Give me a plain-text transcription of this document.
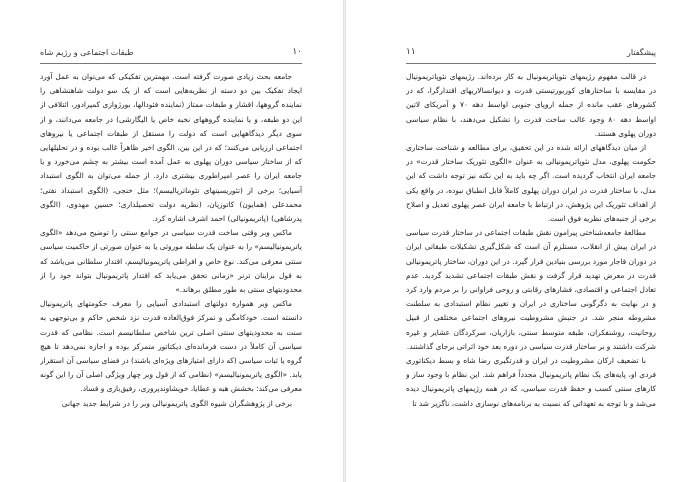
طبقات اجتماعی و رژیم شاه	۱۰

جامعه بحث زیادی صورت گرفته است. مهمترین تفکیکی که می‌توان به عمل آورد ایجاد تفکیک بین دو دسته از نظریه‌هایی است که از یک سو دولت شاهنشاهی را نماینده گروهها، اقشار و طبقات ممتاز (نماینده فئودالها، بورژوازی کمپرادور، ائتلافی از این دو طبقه، و یا نماینده گروههای نخبه خاص یا الیگارشی) در جامعه می‌دانند، و از سوی دیگر دیدگاههایی است که دولت را مستقل از طبقات اجتماعی یا نیروهای اجتماعی ارزیابی می‌کنند؛ که در این بین، الگوی اخیر ظاهراً غالب بوده و در تحلیلهایی که از ساختار سیاسی دوران پهلوی به عمل آمده است بیشتر به چشم می‌خورد و یا جامعه ایران را عصر امپراطوری بیشتری دارد. از جمله می‌توان به الگوی استبداد آسیایی؛ برخی از (تئوریسینهای تئوماتریالیسم)؛ مثل خنجی، (الگوی استبداد نفتی؛ محمدعلی (همایون) کاتوزیان، (نظریه دولت تحصیلداری؛ حسین مهدوی، (الگوی پدرشاهی) (پاتریمونیالی) احمد اشرف اشاره کرد.

ماکس وبر وقتی ساخت قدرت سیاسی در جوامع سنتی را توضیح می‌دهد «الگوی پاتریمونیالیسم» را به عنوان یک سلطه موروثی یا به عنوان صورتی از حاکمیت سیاسی سنتی معرفی می‌کند. نوع خاص و افراطی پاتریمونیالیسم، اقتدار سلطانی می‌باشد که به قول براینان ترنر «زمانی تحقق می‌یابد که اقتدار پاتریمونیال بتواند خود را از محدودیتهای سنتی به طور مطلق برهاند.»

ماکس وبر همواره دولتهای استبدادی آسیایی را معرف حکومتهای پاتریمونیال دانسته است. خودکامگی و تمرکز فوق‌العاده قدرت نزد شخص حاکم و بی‌توجهی به سنت به محدودیتهای سنتی اصلی ترین شاخص سلطانیسم است. نظامی که قدرت سیاسی آن کاملاً در دست فرمانده‌ای دیکتاتور متمرکز بوده و اجازه نمی‌دهد تا هیچ گروه یا ثبات سیاسی (که دارای امتیازهای ویژه‌ای باشند) در فضای سیاسی آن استقرار یابد. «الگوی پاتریمونیالیسم» (نظامی که از قول وبر چهار ویژگی اصلی آن را این گونه معرفی می‌کند: بخشش هبه و عطایا، خویشاوندپروری، رفیق‌بازی و فساد.

برخی از پژوهشگران شیوه الگوی پاتریمونیالی وبر را در شرایط جدید جهانی

پیشگفتار
۱۱

در قالب مفهوم رژیمهای نئوپاتریمونیال به کار برده‌اند. رژیمهای نئوپاتریمونیال در مقایسه با ساختارهای کوربورتیستی قدرت و دیوانسالاریهای اقتدارگرا، که در کشورهای عقب مانده از جمله اروپای جنوبی اواسط دهه ۷۰ و آمریکای لاتین اواسط دهه ۸۰ وجود غالب ساخت قدرت را تشکیل می‌دهند، با نظام سیاسی دوران پهلوی هستند.

از میان دیدگاههای ارائه شده در این تحقیق، برای مطالعه و شناخت ساختاری حکومت پهلوی، مدل نئوپاتریمونیالی به عنوان «الگوی تئوریک ساختار قدرت» در جامعه ایران انتخاب گردیده است. اگر چه باید به این نکته نیز توجه داشت که این مدل، با ساختار قدرت در ایران دوران پهلوی کاملاً قابل انطباق نبوده، در واقع یکی از اهداف تئوریک این پژوهش، در ارتباط با جامعه ایران عصر پهلوی تعدیل و اصلاح برخی از جنبه‌های نظریه فوق است.

مطالعهٔ جامعه‌شناختی پیرامون نقش طبقات اجتماعی در ساختار قدرت سیاسی در ایران پیش از انقلاب، مستلزم آن است که شکل‌گیری تشکیلات طبقاتی ایران در دوران قاجار مورد بررسی بنیادین قرار گیرد. در این دوران، ساختار پاتریمونیالی قدرت در معرض تهدید قرار گرفت و نقش طبقات اجتماعی تشدید گردید. عدم تعادل اجتماعی و اقتصادی، فشارهای رقابتی و روحی فراوانی را بر مردم وارد کرد و در نهایت به دگرگونی ساختاری در ایران و تغییر نظام استبدادی به سلطنت مشروطه منجر شد. در جنبش مشروطیت نیروهای اجتماعی مختلفی از قبیل روحانیت، روشنفکران، طبقه متوسط سنتی، بازاریان، سرکردگان عشایر و غیره شرکت داشتند و بر ساختار قدرت سیاسی در دوره بعد خود اثراتی برجای گذاشتند.

با تضعیف ارکان مشروطیت در ایران و قدرتگیری رضا شاه و بسط دیکتاتوری فردی او، پایه‌های یک نظام پاتریمونیال مجدداً فراهم شد. این نظام با وجود ساز و کارهای سنتی کسب و حفظ قدرت سیاسی، که در همه رژیمهای پاتریمونیال دیده می‌شد و با توجه به تعهداتی که نسبت به برنامه‌های نوسازی داشت، ناگزیر شد تا
